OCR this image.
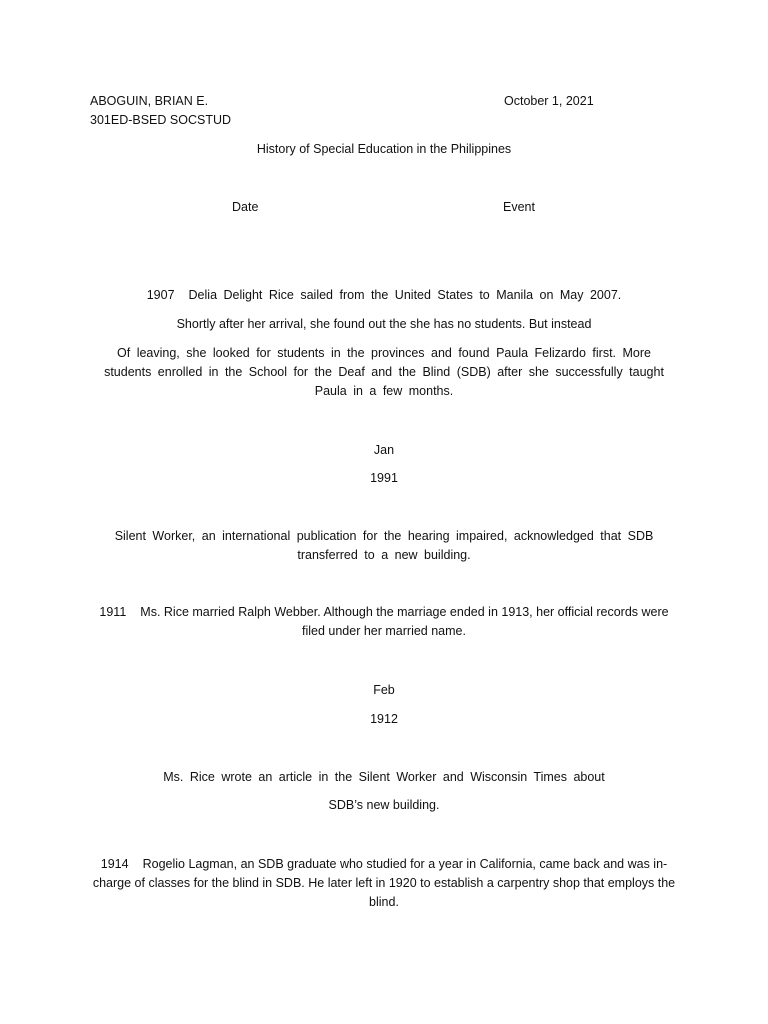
ABOGUIN, BRIAN E.
301ED-BSED SOCSTUD
October 1, 2021
History of Special Education in the Philippines
Date	Event
1907 Delia Delight Rice sailed from the United States to Manila on May 2007.
Shortly after her arrival, she found out the she has no students. But instead
Of leaving, she looked for students in the provinces and found Paula Felizardo first. More students enrolled in the School for the Deaf and the Blind (SDB) after she successfully taught Paula in a few months.
Jan
1991
Silent Worker, an international publication for the hearing impaired, acknowledged that SDB transferred to a new building.
1911 Ms. Rice married Ralph Webber. Although the marriage ended in 1913, her official records were filed under her married name.
Feb
1912
Ms. Rice wrote an article in the Silent Worker and Wisconsin Times about
SDB’s new building.
1914 Rogelio Lagman, an SDB graduate who studied for a year in California, came back and was in-charge of classes for the blind in SDB. He later left in 1920 to establish a carpentry shop that employs the blind.
